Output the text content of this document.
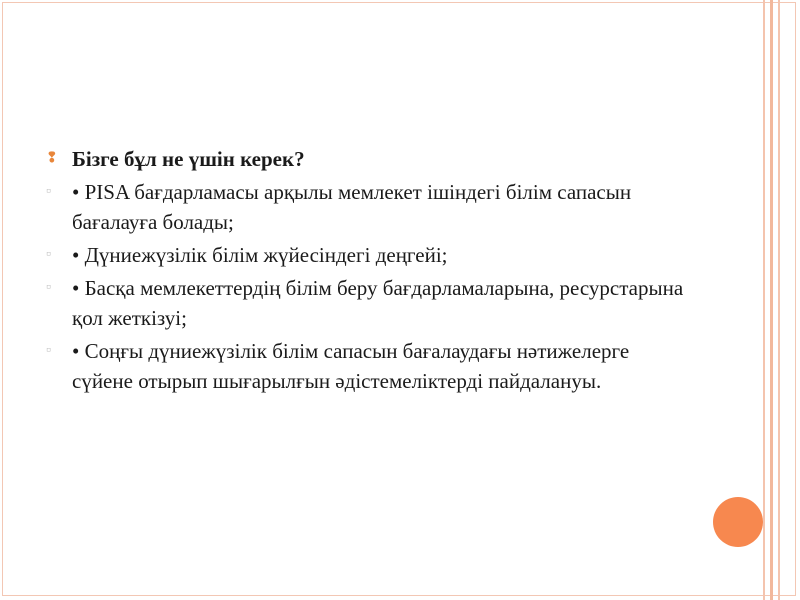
❢ Бізге бұл не үшін керек?
▫	• PISA бағдарламасы арқылы мемлекет ішіндегі білім сапасын бағалауға болады;
▫	• Дүниежүзілік білім жүйесіндегі деңгейі;
▫	• Басқа мемлекеттердің білім беру бағдарламаларына, ресурстарына қол жеткізуі;
▫	• Соңғы дүниежүзілік білім сапасын бағалаудағы нәтижелерге сүйене отырып шығарылғын әдістемеліктерді пайдалануы.
